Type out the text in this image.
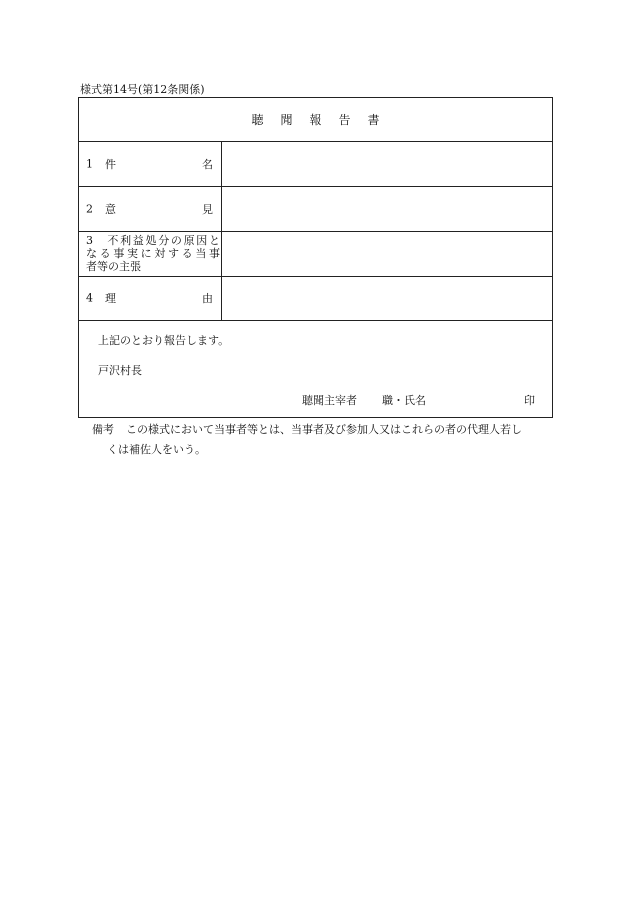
様式第14号(第12条関係)
聴聞報告書
1 件	名
2 意	見
3　不利益処分の原因と
なる事実に対する当事
者等の主張
4 理	由
上記のとおり報告します。
戸沢村長
聴聞主宰者 職・氏名	印
備考 この様式において当事者等とは、当事者及び参加人又はこれらの者の代理人若し
くは補佐人をいう。
